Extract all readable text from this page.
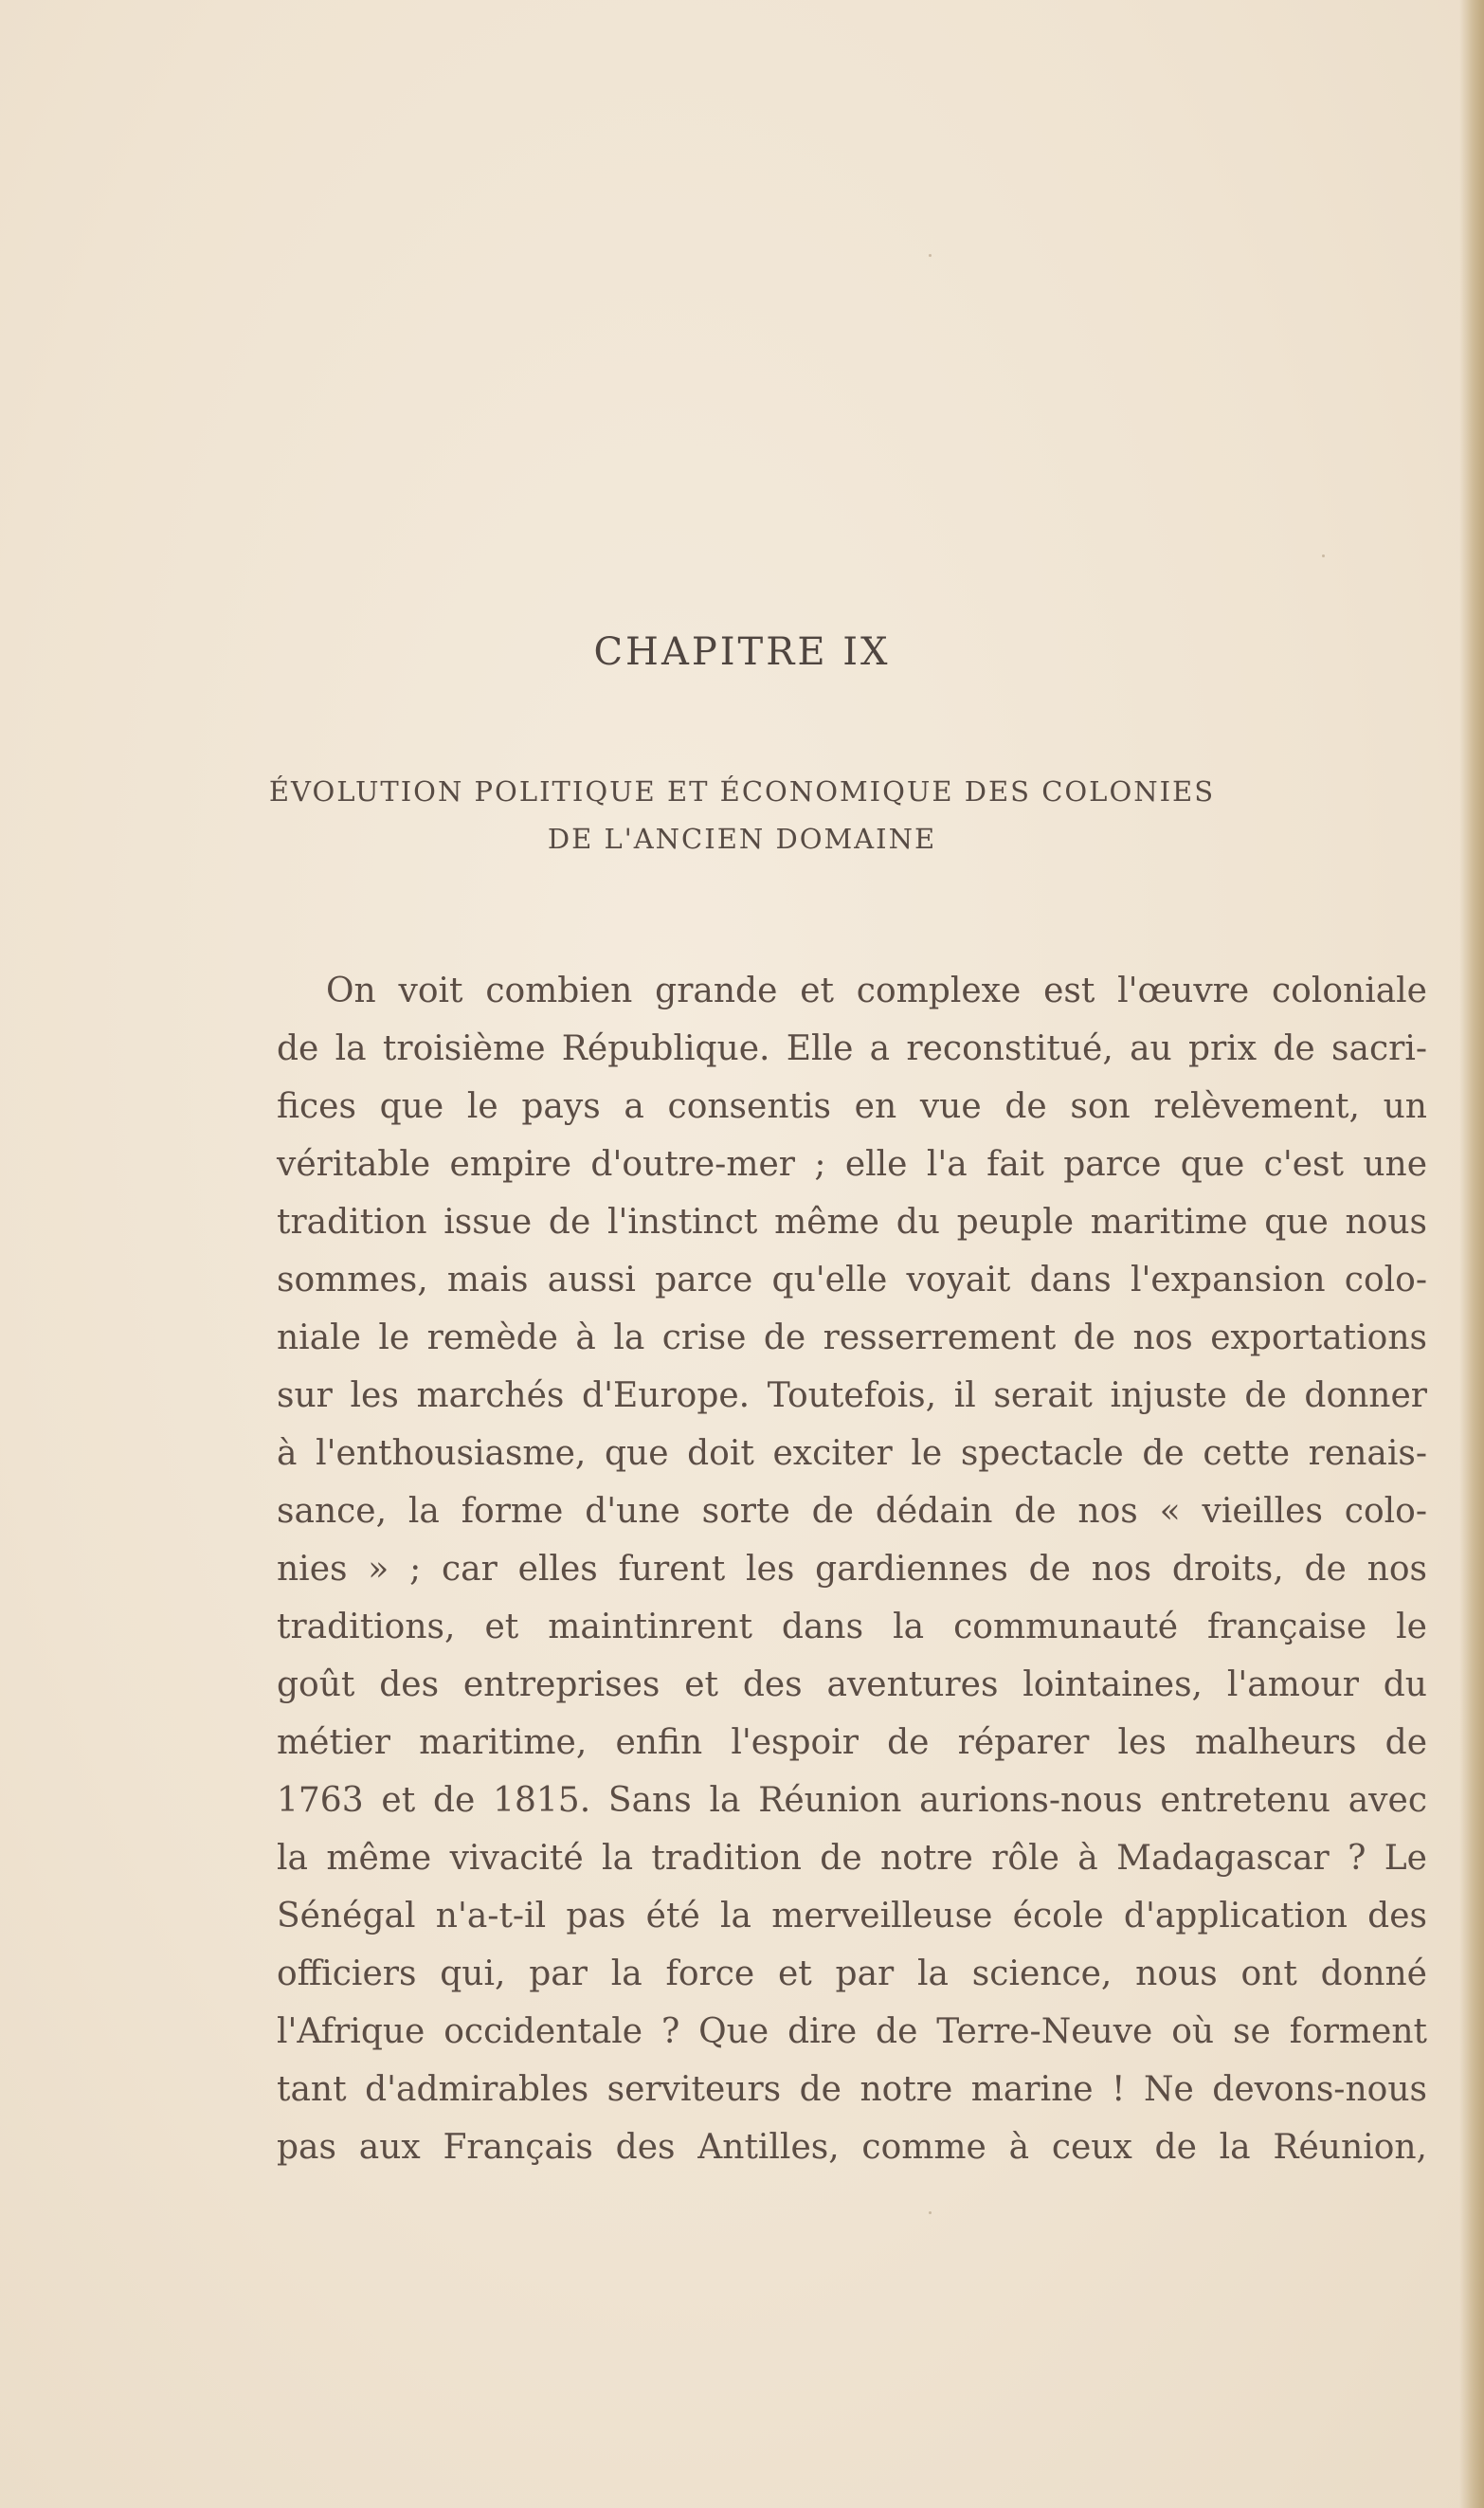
CHAPITRE IX
ÉVOLUTION POLITIQUE ET ÉCONOMIQUE DES COLONIES
DE L'ANCIEN DOMAINE
On voit combien grande et complexe est l'œuvre coloniale
de la troisième République. Elle a reconstitué, au prix de sacri-
fices que le pays a consentis en vue de son relèvement, un
véritable empire d'outre-mer ; elle l'a fait parce que c'est une
tradition issue de l'instinct même du peuple maritime que nous
sommes, mais aussi parce qu'elle voyait dans l'expansion colo-
niale le remède à la crise de resserrement de nos exportations
sur les marchés d'Europe. Toutefois, il serait injuste de donner
à l'enthousiasme, que doit exciter le spectacle de cette renais-
sance, la forme d'une sorte de dédain de nos « vieilles colo-
nies » ; car elles furent les gardiennes de nos droits, de nos
traditions, et maintinrent dans la communauté française le
goût des entreprises et des aventures lointaines, l'amour du
métier maritime, enfin l'espoir de réparer les malheurs de
1763 et de 1815. Sans la Réunion aurions-nous entretenu avec
la même vivacité la tradition de notre rôle à Madagascar ? Le
Sénégal n'a-t-il pas été la merveilleuse école d'application des
officiers qui, par la force et par la science, nous ont donné
l'Afrique occidentale ? Que dire de Terre-Neuve où se forment
tant d'admirables serviteurs de notre marine ! Ne devons-nous
pas aux Français des Antilles, comme à ceux de la Réunion,
